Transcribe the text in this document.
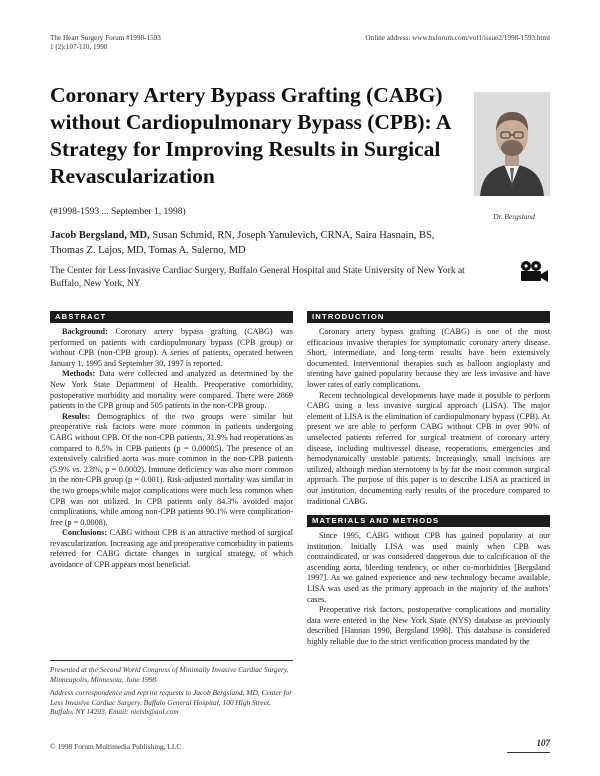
The Heart Surgery Forum #1998-1593
1 (2):107-110, 1998
Online address: www.hsforum.com/vol1/issue2/1998-1593.html
Coronary Artery Bypass Grafting (CABG) without Cardiopulmonary Bypass (CPB): A Strategy for Improving Results in Surgical Revascularization
Dr. Bergsland
(#1998-1593 ... September 1, 1998)
Jacob Bergsland, MD, Susan Schmid, RN, Joseph Yanulevich, CRNA, Saira Hasnain, BS, Thomas Z. Lajos, MD, Tomas A. Salerno, MD
The Center for Less Invasive Cardiac Surgery, Buffalo General Hospital and State University of New York at Buffalo, New York, NY
ABSTRACT

Background: Coronary artery bypass grafting (CABG) was performed on patients with cardiopulmonary bypass (CPB group) or without CPB (non-CPB group). A series of patients, operated between January 1, 1995 and September 30, 1997 is reported.

Methods: Data were collected and analyzed as determined by the New York State Department of Health. Preoperative comorbidity, postoperative morbidity and mortality were compared. There were 2869 patients in the CPB group and 505 patients in the non-CPB group.

Results: Demographics of the two groups were similar but preoperative risk factors were more common in patients undergoing CABG without CPB. Of the non-CPB patients, 31.9% had reoperations as compared to 8.5% in CPB patients (p = 0.00005). The presence of an extensively calcified aorta was more common in the non-CPB patients (5.9% vs. 2.8%, p = 0.0002). Immune deficiency was also more common in the non-CPB group (p = 0.001). Risk-adjusted mortality was similar in the two groups while major complications were much less common when CPB was not utilized. In CPB patients only 84.3% avoided major complications, while among non-CPB patients 90.1% were complication-free (p = 0.0008).

Conclusions: CABG without CPB is an attractive method of surgical revascularization. Increasing age and preoperative comorbidity in patients referred for CABG dictate changes in surgical strategy, of which avoidance of CPB appears most beneficial.

INTRODUCTION

Coronary artery bypass grafting (CABG) is one of the most efficacious invasive therapies for symptomatic coronary artery disease. Short, intermediate, and long-term results have been extensively documented. Interventional therapies such as balloon angioplasty and stenting have gained popularity because they are less invasive and have lower rates of early complications.

Recent technological developments have made it possible to perform CABG using a less invasive surgical approach (LISA). The major element of LISA is the elimination of cardiopulmonary bypass (CPB). At present we are able to perform CABG without CPB in over 90% of unselected patients referred for surgical treatment of coronary artery disease, including multivessel disease, reoperations, emergencies and hemodynamically unstable patients. Increasingly, small incisions are utilized, although median sternotomy is by far the most common surgical approach. The purpose of this paper is to describe LISA as practiced in our institution, documenting early results of the procedure compared to traditional CABG.

MATERIALS AND METHODS

Since 1995, CABG without CPB has gained popularity at our institution. Initially LISA was used mainly when CPB was contraindicated, or was considered dangerous due to calcification of the ascending aorta, bleeding tendency, or other co-morbidities [Bergsland 1997]. As we gained experience and new technology became available, LISA was used as the primary approach in the majority of the authors' cases.

Preoperative risk factors, postoperative complications and mortality data were entered in the New York State (NYS) database as previously described [Hannan 1990, Bergsland 1998]. This database is considered highly reliable due to the strict verification process mandated by the

Presented at the Second World Congress of Minimally Invasive Cardiac Surgery, Minneapolis, Minnesota, June 1998.

Address correspondence and reprint requests to Jacob Bergsland, MD, Center for Less Invasive Cardiac Surgery, Buffalo General Hospital, 100 High Street, Buffalo, NY 14203, Email: nielsb@aol.com

© 1998 Forum Multimedia Publishing, LLC	107
